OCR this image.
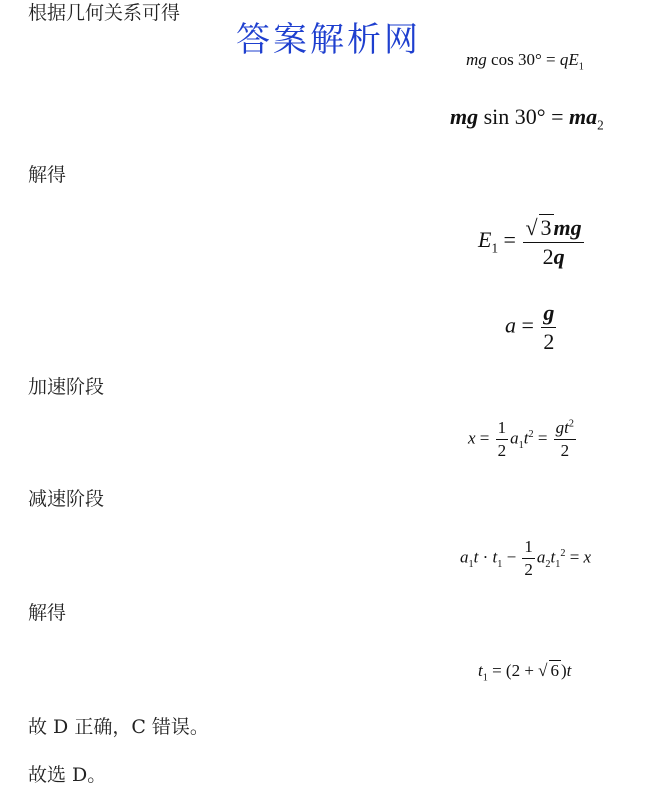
答案解析网
根据几何关系可得
mg $\cos 30^\circ = qE_1$
mg $\sin 30^\circ = ma_2$
解得
$E_1 = \frac{√ 3mg}{2q}$
$a = \frac{g}{2}$
加速阶段
$x = \frac{1}{2} a_1t^2 = \frac{gt^2}{2}$
减速阶段
$a_1t \cdot t_1 - \frac{1}{2} a_2t_1^2 = x$
解得
$t_1 = (2$ + √ 6 )t
故 D 正确，C 错误。
故选 D。
